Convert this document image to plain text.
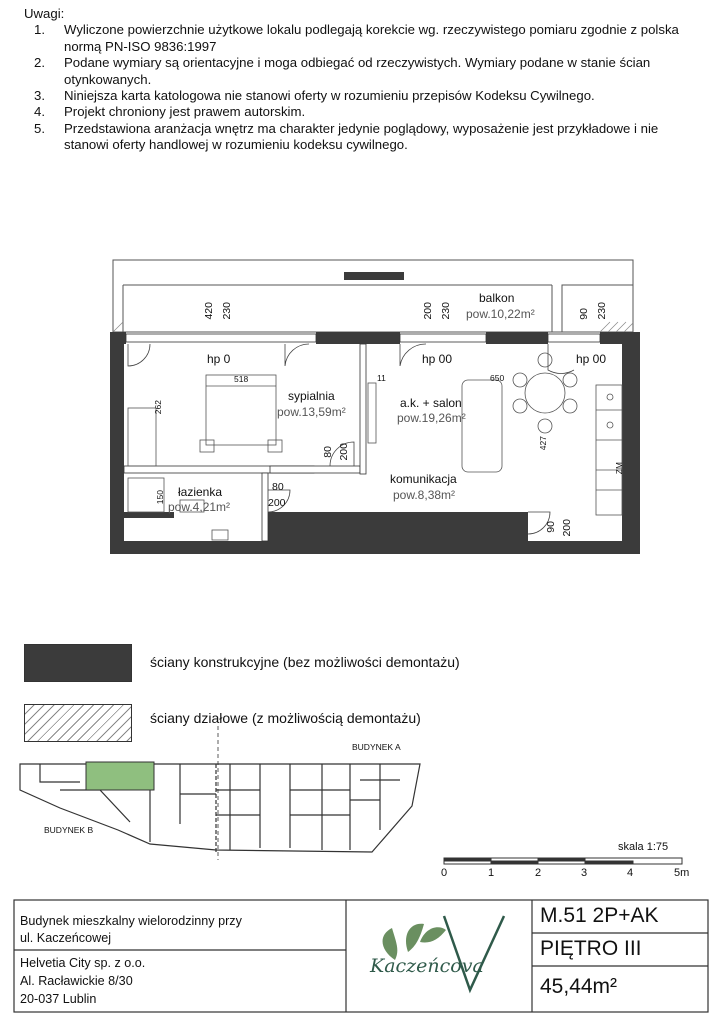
Uwagi:

1. Wyliczone powierzchnie użytkowe lokalu podlegają korekcie wg. rzeczywistego pomiaru zgodnie z polska normą PN-ISO 9836:1997
2. Podane wymiary są orientacyjne i moga odbiegać od rzeczywistych. Wymiary podane w stanie ścian otynkowanych.
3. Niniejsza karta katologowa nie stanowi oferty w rozumieniu przepisów Kodeksu Cywilnego.
4. Projekt chroniony jest prawem autorskim.
5. Przedstawiona aranżacja wnętrz ma charakter jedynie poglądowy, wyposażenie jest przykładowe i nie stanowi oferty handlowej w rozumieniu kodeksu cywilnego.
balkon
pow.10,22m²
sypialnia
pow.13,59m²
a.k. + salon
pow.19,26m²
łazienka
pow.4,21m²
komunikacja
pow.8,38m²
hp 0	hp 00	hp 00
420 230	200 230	90 230
80 200
80
200
90 200
518
262
650
427
11
150
ZM
ściany konstrukcyjne (bez możliwości demontażu)
ściany działowe (z możliwością demontażu)
BUDYNEK A
BUDYNEK B
skala 1:75
0	1	2	3	4	5m
Budynek mieszkalny wielorodzinny przy
ul. Kaczeńcowej
Helvetia City sp. z o.o.
Al. Racławickie 8/30
20-037 Lublin
Kaczeńcova
M.51 2P+AK
PIĘTRO III
45,44m²
